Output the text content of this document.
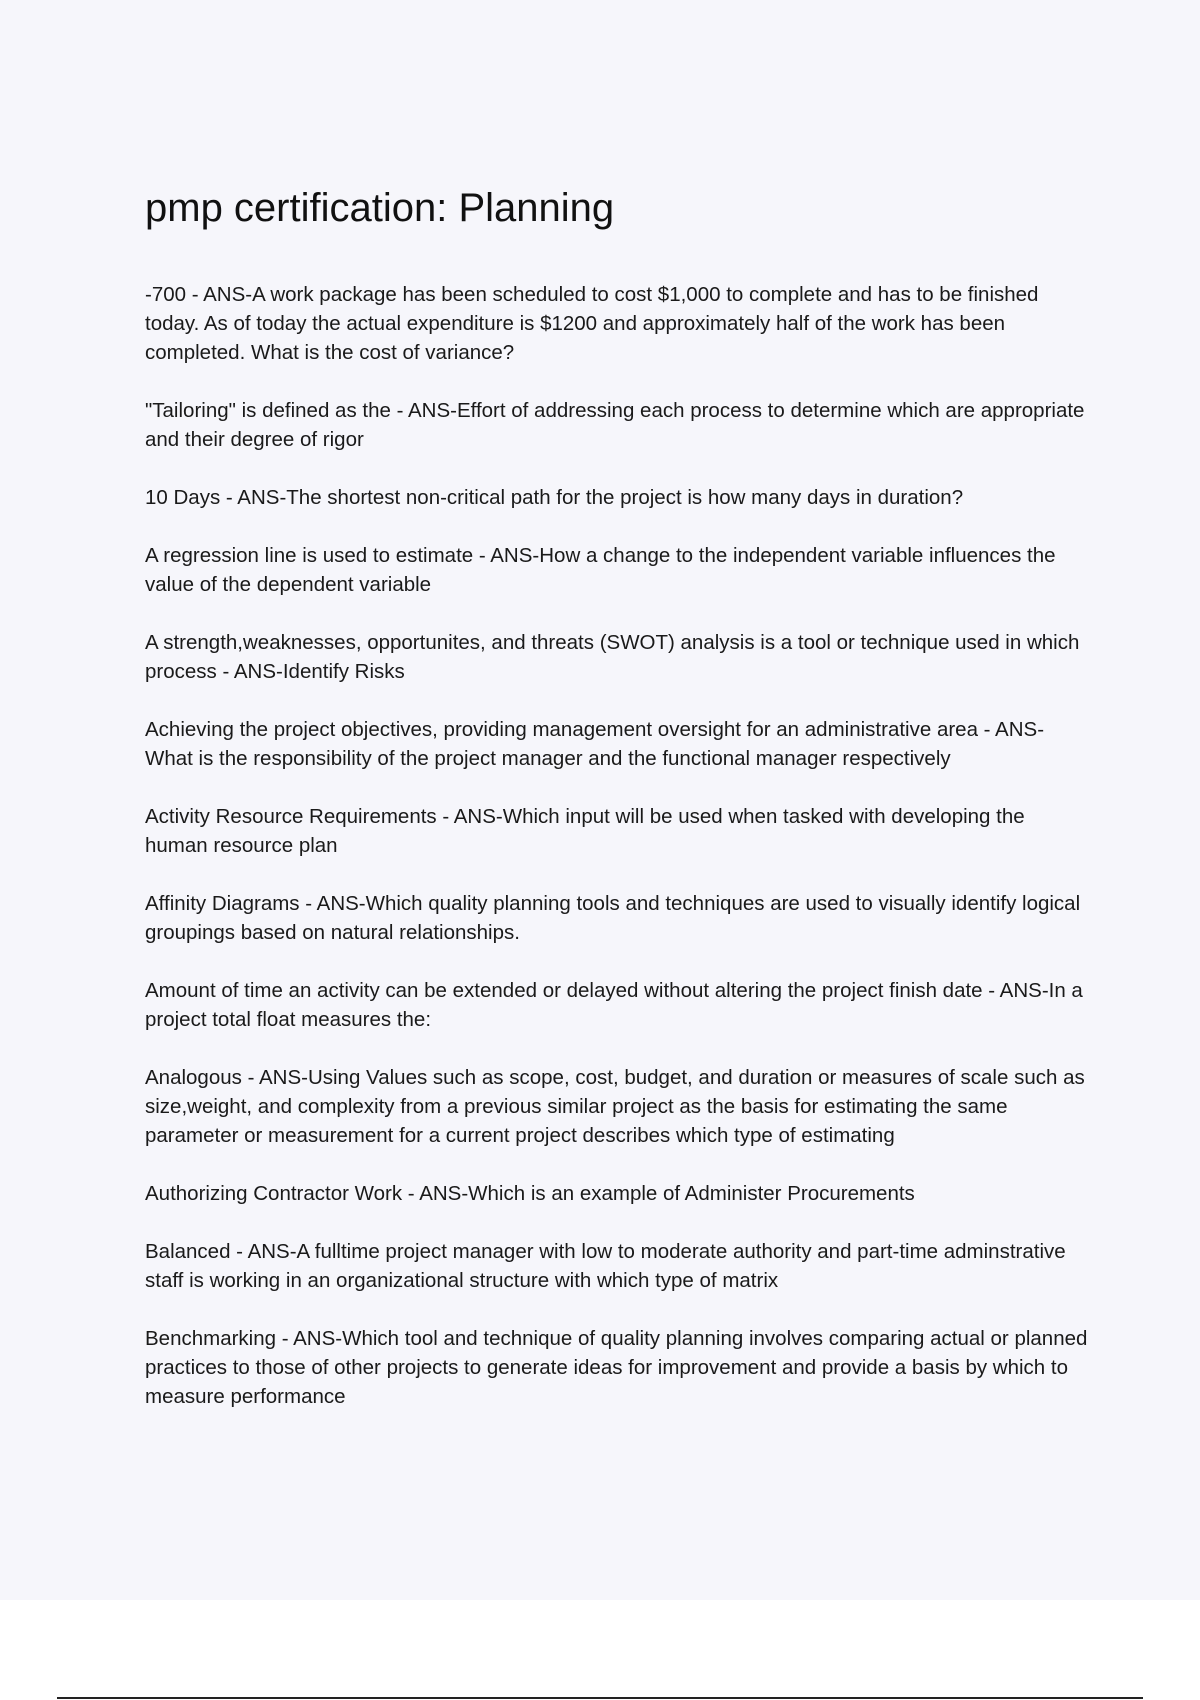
pmp certification: Planning

-700 - ANS-A work package has been scheduled to cost $1,000 to complete and has to be finished today. As of today the actual expenditure is $1200 and approximately half of the work has been completed. What is the cost of variance?

"Tailoring" is defined as the - ANS-Effort of addressing each process to determine which are appropriate and their degree of rigor

10 Days - ANS-The shortest non-critical path for the project is how many days in duration?

A regression line is used to estimate - ANS-How a change to the independent variable influences the value of the dependent variable

A strength,weaknesses, opportunites, and threats (SWOT) analysis is a tool or technique used in which process - ANS-Identify Risks

Achieving the project objectives, providing management oversight for an administrative area - ANS-What is the responsibility of the project manager and the functional manager respectively

Activity Resource Requirements - ANS-Which input will be used when tasked with developing the human resource plan

Affinity Diagrams - ANS-Which quality planning tools and techniques are used to visually identify logical groupings based on natural relationships.

Amount of time an activity can be extended or delayed without altering the project finish date - ANS-In a project total float measures the:

Analogous - ANS-Using Values such as scope, cost, budget, and duration or measures of scale such as size,weight, and complexity from a previous similar project as the basis for estimating the same parameter or measurement for a current project describes which type of estimating

Authorizing Contractor Work - ANS-Which is an example of Administer Procurements

Balanced - ANS-A fulltime project manager with low to moderate authority and part-time adminstrative staff is working in an organizational structure with which type of matrix

Benchmarking - ANS-Which tool and technique of quality planning involves comparing actual or planned practices to those of other projects to generate ideas for improvement and provide a basis by which to measure performance
